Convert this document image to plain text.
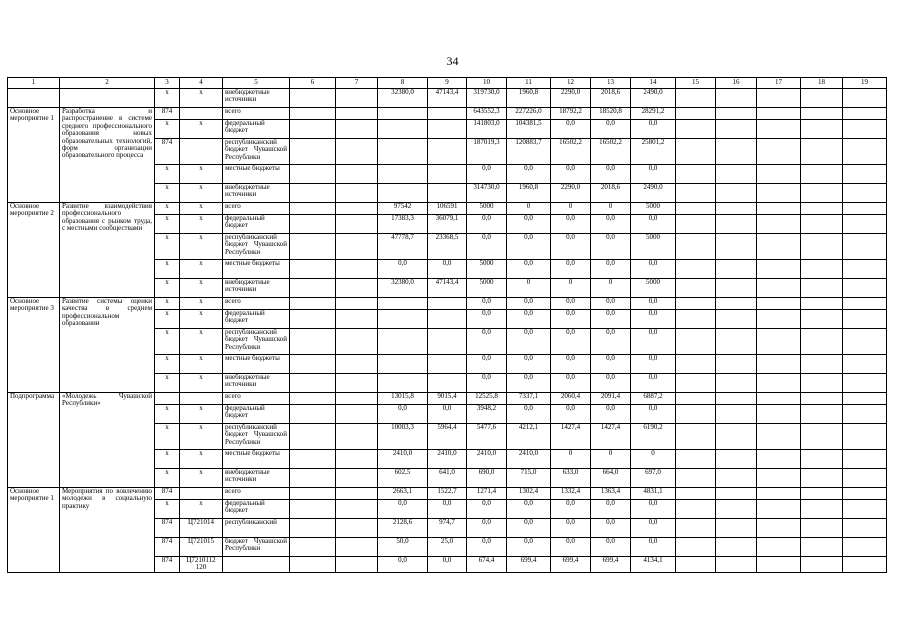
34
1	2	3	4	5	6	7	8	9	10	11	12	13	14	15	16	17	18	19
		x	x	внебюджетные источники			32380,0	47143,4	319730,0	1960,8	2290,0	2018,6	2490,0					
Основное мероприятие 1	Разработка и распространение в системе среднего профессионального образования новых образовательных технологий, форм организации образовательного процесса	874		всего					643552,3	227226,0	18792,2	18520,8	28291,2					
		x	x	федеральный бюджет					141803,0	104381,5	0,0	0,0	0,0					
		874		республиканский бюджет Чувашской Республики					187019,3	120883,7	16502,2	16502,2	25801,2					
		x	x	местные бюджеты					0,0	0,0	0,0	0,0	0,0					
		x	x	внебюджетные источники					314730,0	1960,8	2290,0	2018,6	2490,0					
Основное мероприятие 2	Развитие взаимодействия профессионального образования с рынком труда, с местными сообществами	x	x	всего			97542	106591	5000	0	0	0	5000					
		x	x	федеральный бюджет			17383,3	36079,1	0,0	0,0	0,0	0,0	0,0					
		x	x	республиканский бюджет Чувашской Республики			47778,7	23368,5	0,0	0,0	0,0	0,0	5000					
		x	x	местные бюджеты			0,0	0,0	5000	0,0	0,0	0,0	0,0					
		x	x	внебюджетные источники			32380,0	47143,4	5000	0	0	0	5000					
Основное мероприятие 3	Развитие системы оценки качества в среднем профессиональном образовании	x	x	всего					0,0	0,0	0,0	0,0	0,0					
		x	x	федеральный бюджет					0,0	0,0	0,0	0,0	0,0					
		x	x	республиканский бюджет Чувашской Республики					0,0	0,0	0,0	0,0	0,0					
		x	x	местные бюджеты					0,0	0,0	0,0	0,0	0,0					
		x	x	внебюджетные источники					0,0	0,0	0,0	0,0	0,0					
Подпрограмма	«Молодежь Чувашской Республики»			всего			13015,8	9015,4	12525,8	7337,1	2060,4	2091,4	6887,2					
		x	x	федеральный бюджет			0,0	0,0	3948,2	0,0	0,0	0,0	0,0					
		x	x	республиканский бюджет Чувашской Республики			10003,3	5964,4	5477,6	4212,1	1427,4	1427,4	6190,2					
		x	x	местные бюджеты			2410,0	2410,0	2410,0	2410,0	0	0	0					
		x	x	внебюджетные источники			602,5	641,0	690,0	715,0	633,0	664,0	697,0					
Основное мероприятие 1	Мероприятия по вовлечению молодежи в социальную практику	874		всего			2663,1	1522,7	1271,4	1302,4	1332,4	1363,4	4831,1					
		x	x	федеральный бюджет			0,0	0,0	0,0	0,0	0,0	0,0	0,0					
		874	Ц721014	республиканский			2128,6	974,7	0,0	0,0	0,0	0,0	0,0					
		874	Ц721015	бюджет Чувашской Республики			50,0	25,0	0,0	0,0	0,0	0,0	0,0					
		874	Ц7210112 120				0,0	0,0	674,4	699,4	699,4	699,4	4134,1					
